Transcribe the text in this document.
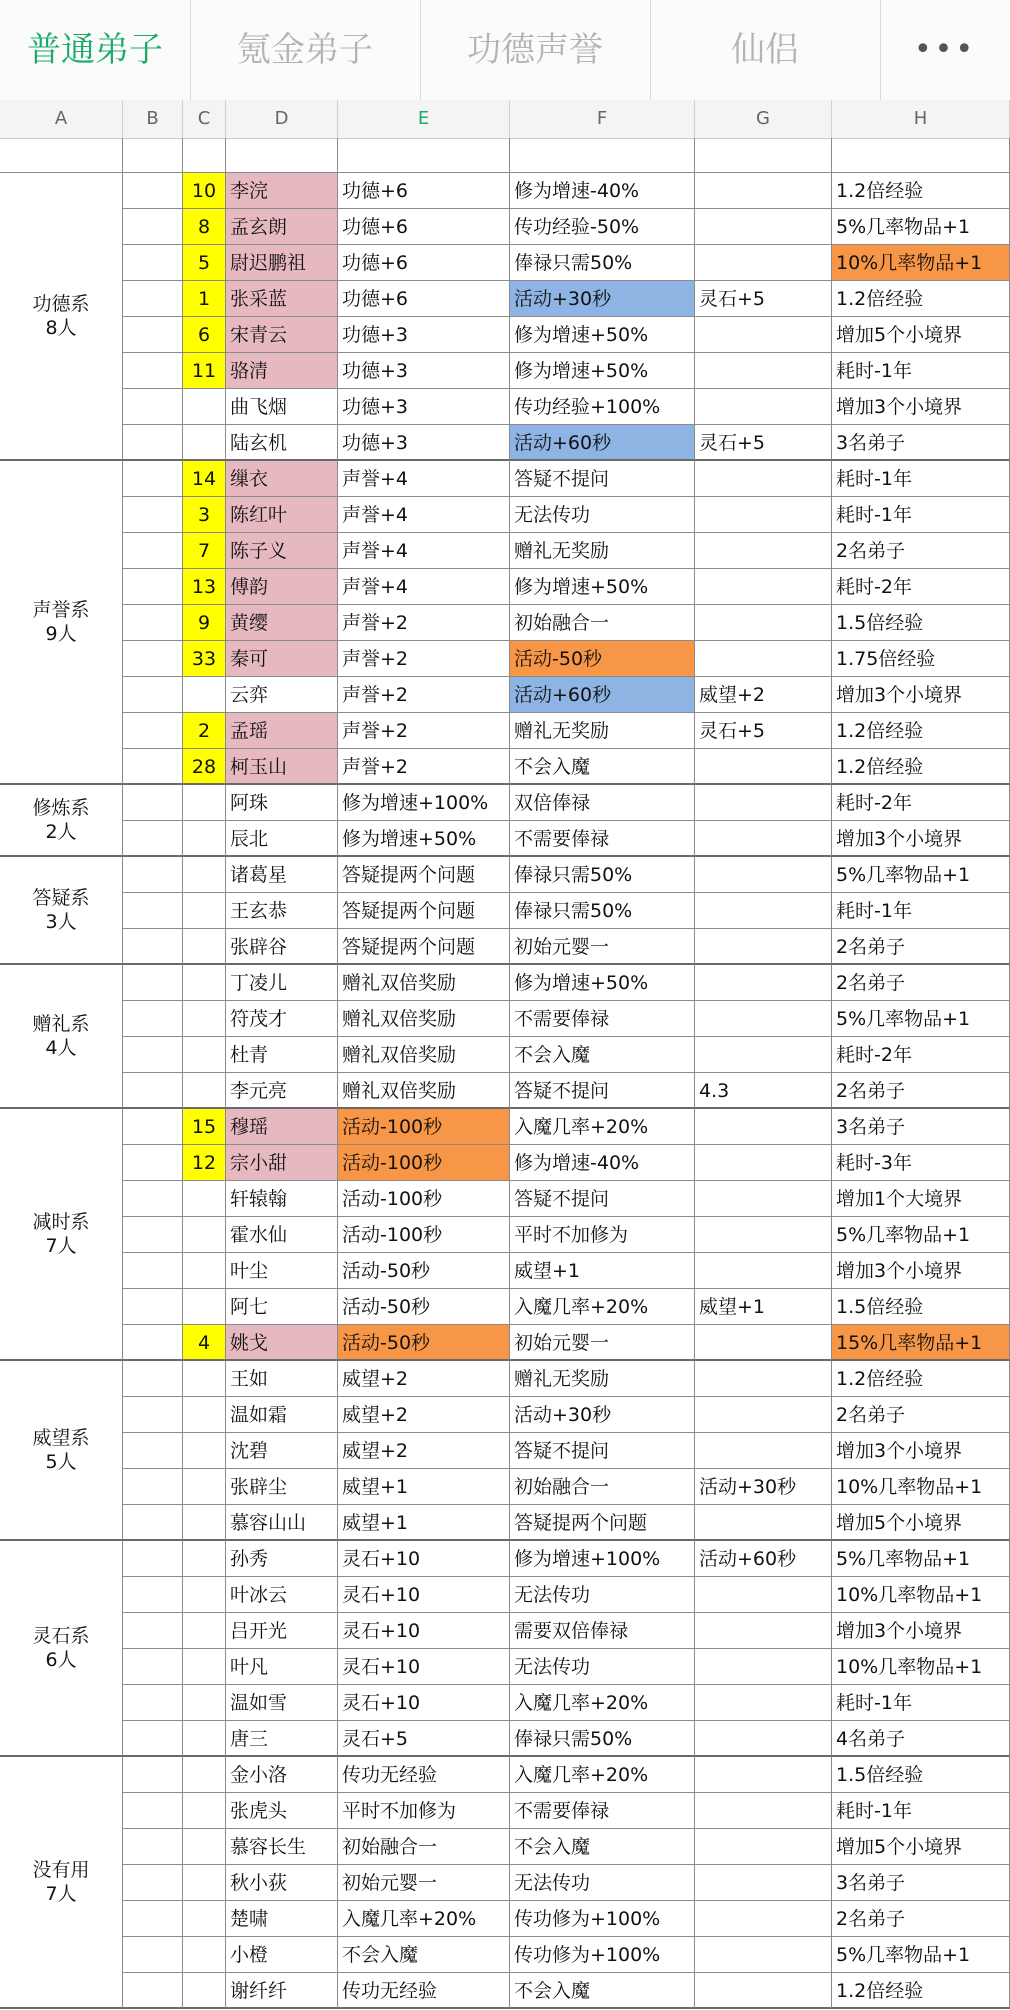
普通弟子	氪金弟子	功德声誉	仙侣	•••
A	B	C	D	E	F	G	H
功德系
8人
10 李浣	功德+6	修为增速-40%	1.2倍经验
8	孟玄朗	功德+6	传功经验-50%	5%几率物品+1
5	尉迟鹏祖	功德+6	俸禄只需50%	10%几率物品+1
1	张采蓝	功德+6	活动+30秒	灵石+5	1.2倍经验
6	宋青云	功德+3	修为增速+50%	增加5个小境界
11 骆清	功德+3	修为增速+50%	耗时-1年
曲飞烟	功德+3	传功经验+100%	增加3个小境界
陆玄机	功德+3	活动+60秒	灵石+5	3名弟子
声誉系
9人
14 缫衣	声誉+4	答疑不提问	耗时-1年
3	陈红叶	声誉+4	无法传功	耗时-1年
7	陈子义	声誉+4	赠礼无奖励	2名弟子
13 傅韵	声誉+4	修为增速+50%	耗时-2年
9	黄缨	声誉+2	初始融合一	1.5倍经验
33 秦可	声誉+2	活动-50秒	1.75倍经验
云弈	声誉+2	活动+60秒	威望+2	增加3个小境界
2	孟瑶	声誉+2	赠礼无奖励	灵石+5	1.2倍经验
28 柯玉山	声誉+2	不会入魔	1.2倍经验
修炼系
2人
阿珠	修为增速+100%	双倍俸禄	耗时-2年
辰北	修为增速+50%	不需要俸禄	增加3个小境界
答疑系
3人
诸葛星	答疑提两个问题	俸禄只需50%	5%几率物品+1
王玄恭	答疑提两个问题	俸禄只需50%	耗时-1年
张辟谷	答疑提两个问题	初始元婴一	2名弟子
赠礼系
4人
丁凌儿	赠礼双倍奖励	修为增速+50%	2名弟子
符茂才	赠礼双倍奖励	不需要俸禄	5%几率物品+1
杜青	赠礼双倍奖励	不会入魔	耗时-2年
李元亮	赠礼双倍奖励	答疑不提问	4.3	2名弟子
减时系
7人
15 穆瑶	活动-100秒	入魔几率+20%	3名弟子
12 宗小甜	活动-100秒	修为增速-40%	耗时-3年
轩辕翰	活动-100秒	答疑不提问	增加1个大境界
霍水仙	活动-100秒	平时不加修为	5%几率物品+1
叶尘	活动-50秒	威望+1	增加3个小境界
阿七	活动-50秒	入魔几率+20%	威望+1	1.5倍经验
4	姚戈	活动-50秒	初始元婴一	15%几率物品+1
威望系
5人
王如	威望+2	赠礼无奖励	1.2倍经验
温如霜	威望+2	活动+30秒	2名弟子
沈碧	威望+2	答疑不提问	增加3个小境界
张辟尘	威望+1	初始融合一	活动+30秒	10%几率物品+1
慕容山山	威望+1	答疑提两个问题	增加5个小境界
灵石系
6人
孙秀	灵石+10	修为增速+100%	活动+60秒	5%几率物品+1
叶冰云	灵石+10	无法传功	10%几率物品+1
吕开光	灵石+10	需要双倍俸禄	增加3个小境界
叶凡	灵石+10	无法传功	10%几率物品+1
温如雪	灵石+10	入魔几率+20%	耗时-1年
唐三	灵石+5	俸禄只需50%	4名弟子
没有用
7人
金小洛	传功无经验	入魔几率+20%	1.5倍经验
张虎头	平时不加修为	不需要俸禄	耗时-1年
慕容长生	初始融合一	不会入魔	增加5个小境界
秋小荻	初始元婴一	无法传功	3名弟子
楚啸	入魔几率+20%	传功修为+100%	2名弟子
小橙	不会入魔	传功修为+100%	5%几率物品+1
谢纤纤	传功无经验	不会入魔	1.2倍经验
